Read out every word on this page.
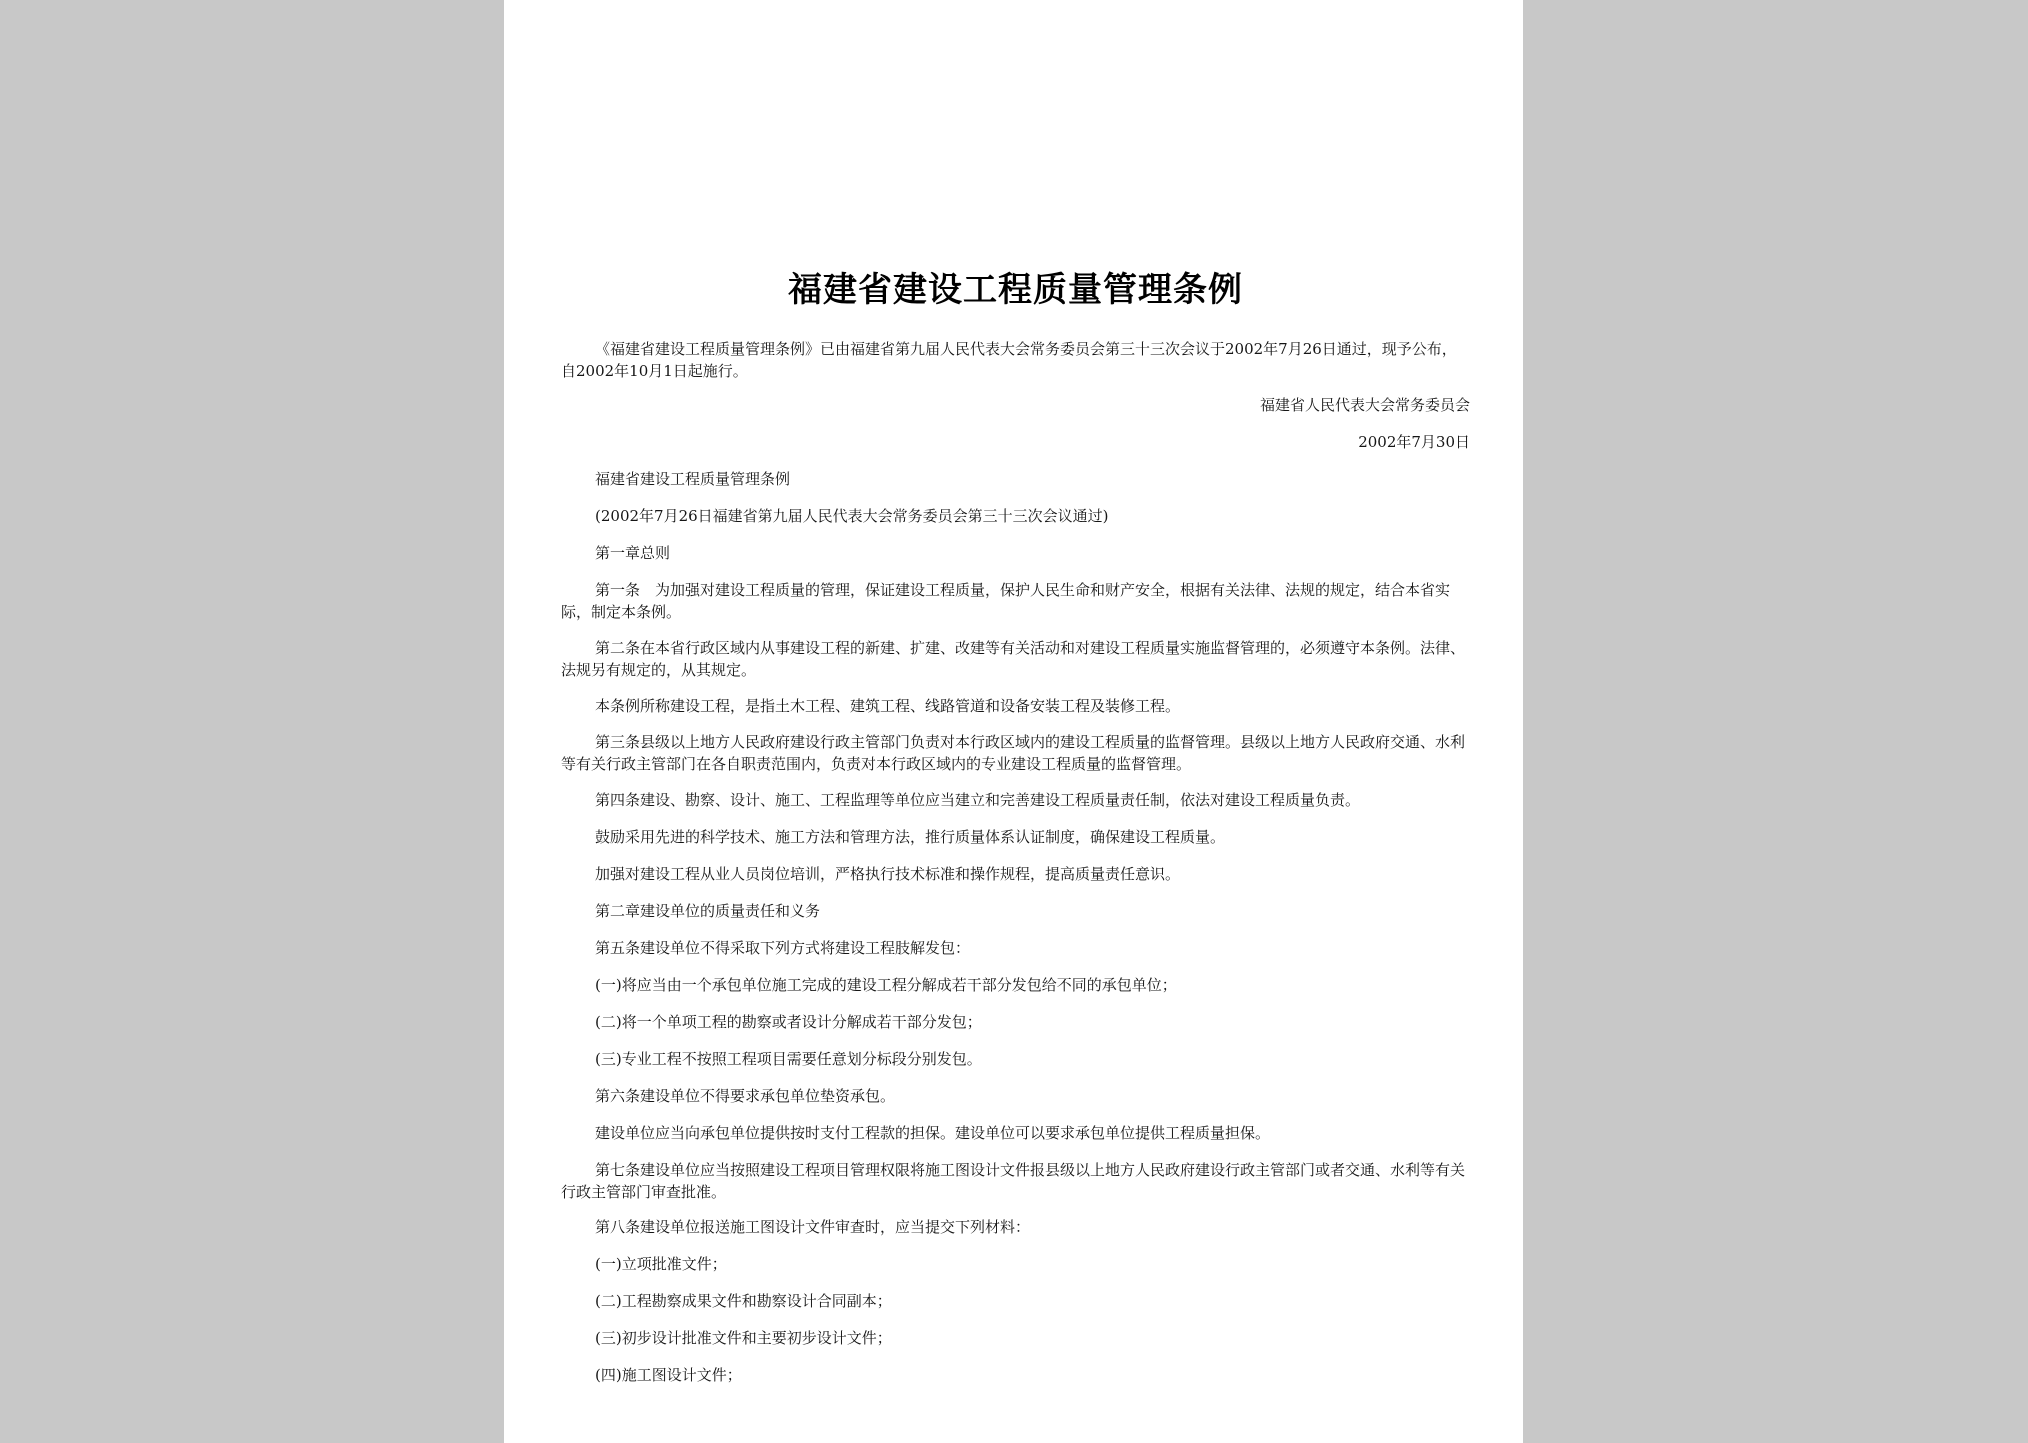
福建省建设工程质量管理条例

《福建省建设工程质量管理条例》已由福建省第九届人民代表大会常务委员会第三十三次会议于2002年7月26日通过，现予公布，自2002年10月1日起施行。

福建省人民代表大会常务委员会

2002年7月30日

福建省建设工程质量管理条例

(2002年7月26日福建省第九届人民代表大会常务委员会第三十三次会议通过)

第一章总则

第一条　为加强对建设工程质量的管理，保证建设工程质量，保护人民生命和财产安全，根据有关法律、法规的规定，结合本省实际，制定本条例。

第二条在本省行政区域内从事建设工程的新建、扩建、改建等有关活动和对建设工程质量实施监督管理的，必须遵守本条例。法律、法规另有规定的，从其规定。

本条例所称建设工程，是指土木工程、建筑工程、线路管道和设备安装工程及装修工程。

第三条县级以上地方人民政府建设行政主管部门负责对本行政区域内的建设工程质量的监督管理。县级以上地方人民政府交通、水利等有关行政主管部门在各自职责范围内，负责对本行政区域内的专业建设工程质量的监督管理。

第四条建设、勘察、设计、施工、工程监理等单位应当建立和完善建设工程质量责任制，依法对建设工程质量负责。

鼓励采用先进的科学技术、施工方法和管理方法，推行质量体系认证制度，确保建设工程质量。

加强对建设工程从业人员岗位培训，严格执行技术标准和操作规程，提高质量责任意识。

第二章建设单位的质量责任和义务

第五条建设单位不得采取下列方式将建设工程肢解发包：

(一)将应当由一个承包单位施工完成的建设工程分解成若干部分发包给不同的承包单位；

(二)将一个单项工程的勘察或者设计分解成若干部分发包；

(三)专业工程不按照工程项目需要任意划分标段分别发包。

第六条建设单位不得要求承包单位垫资承包。

建设单位应当向承包单位提供按时支付工程款的担保。建设单位可以要求承包单位提供工程质量担保。

第七条建设单位应当按照建设工程项目管理权限将施工图设计文件报县级以上地方人民政府建设行政主管部门或者交通、水利等有关行政主管部门审查批准。

第八条建设单位报送施工图设计文件审查时，应当提交下列材料：

(一)立项批准文件；

(二)工程勘察成果文件和勘察设计合同副本；

(三)初步设计批准文件和主要初步设计文件；

(四)施工图设计文件；
